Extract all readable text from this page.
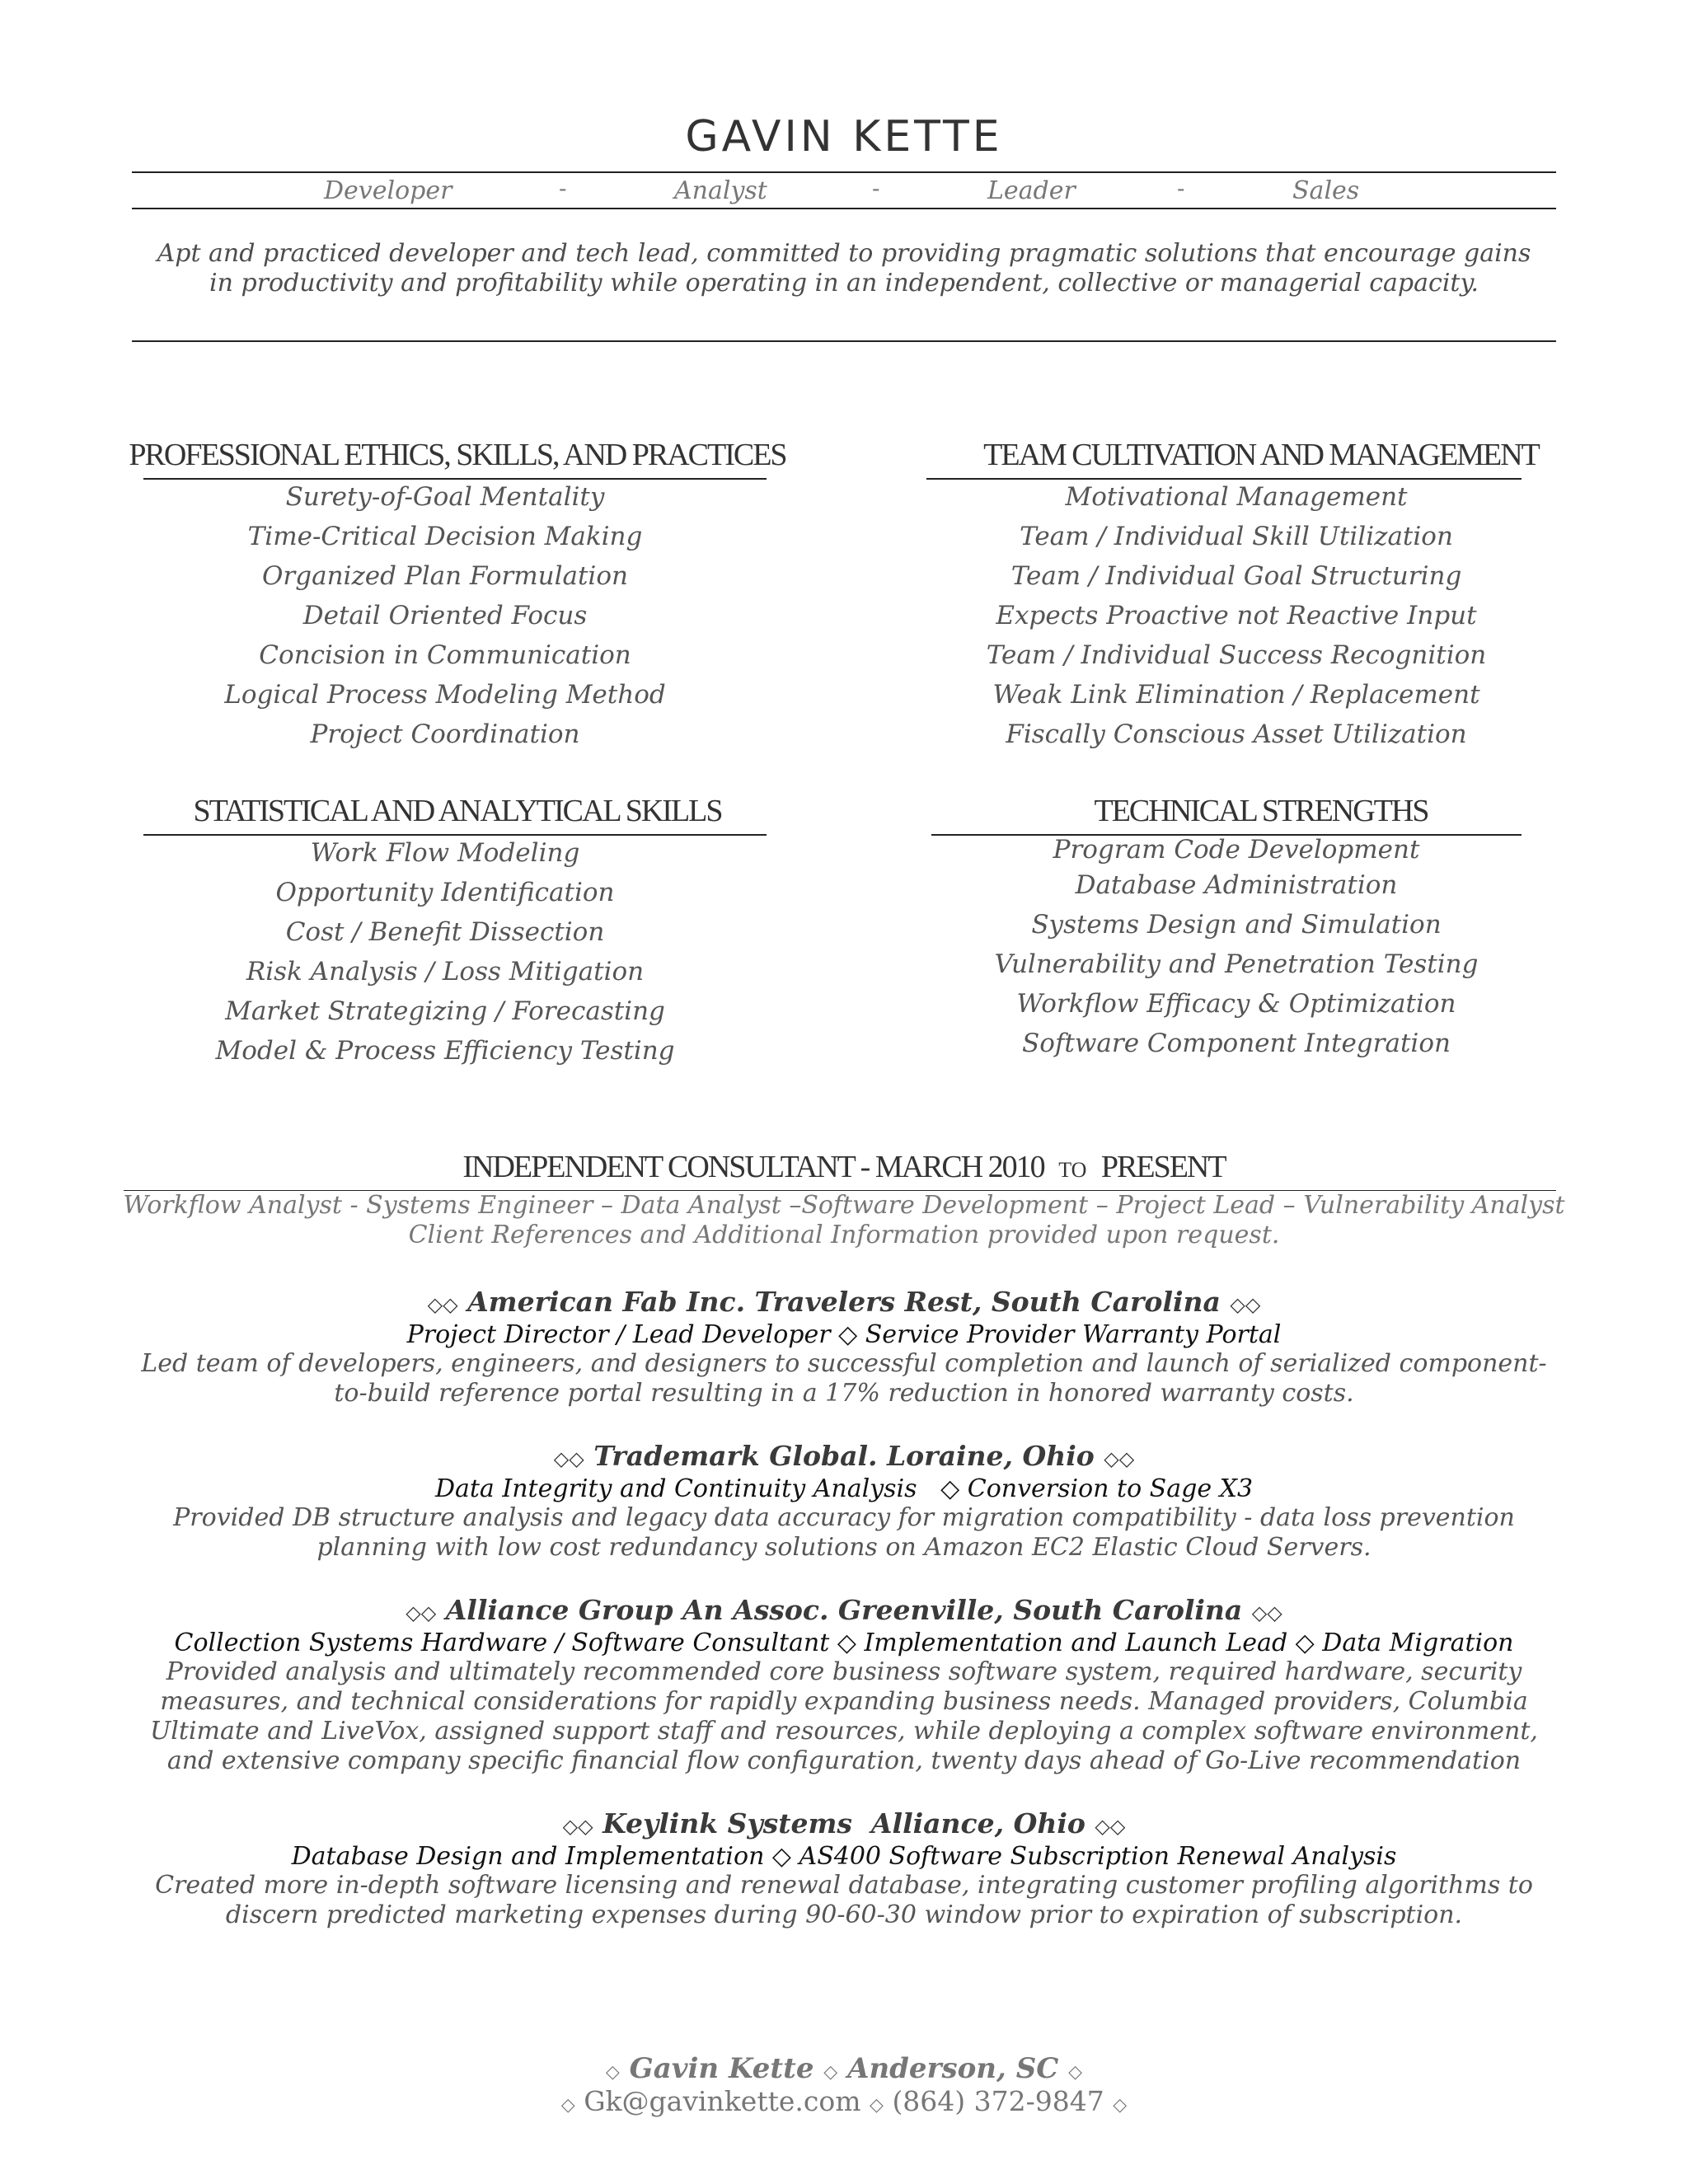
GAVIN KETTE
Developer	-	Analyst	-	Leader	-	Sales
Apt and practiced developer and tech lead, committed to providing pragmatic solutions that encourage gains
in productivity and profitability while operating in an independent, collective or managerial capacity.
PROFESSIONAL ETHICS, SKILLS, AND PRACTICES	TEAM CULTIVATION AND MANAGEMENT
Surety-of-Goal Mentality
Time-Critical Decision Making
Organized Plan Formulation
Detail Oriented Focus
Concision in Communication
Logical Process Modeling Method
Project Coordination
Motivational Management
Team / Individual Skill Utilization
Team / Individual Goal Structuring
Expects Proactive not Reactive Input
Team / Individual Success Recognition
Weak Link Elimination / Replacement
Fiscally Conscious Asset Utilization
STATISTICAL AND ANALYTICAL SKILLS	TECHNICAL STRENGTHS
Work Flow Modeling
Opportunity Identification
Cost / Benefit Dissection
Risk Analysis / Loss Mitigation
Market Strategizing / Forecasting
Model & Process Efficiency Testing
Program Code Development
Database Administration
Systems Design and Simulation
Vulnerability and Penetration Testing
Workflow Efficacy & Optimization
Software Component Integration
INDEPENDENT CONSULTANT - MARCH 2010 TO PRESENT
Workflow Analyst - Systems Engineer – Data Analyst –Software Development – Project Lead – Vulnerability Analyst
Client References and Additional Information provided upon request.
◇◇ American Fab Inc. Travelers Rest, South Carolina ◇◇
Project Director / Lead Developer ◇ Service Provider Warranty Portal
Led team of developers, engineers, and designers to successful completion and launch of serialized component-
to-build reference portal resulting in a 17% reduction in honored warranty costs.
◇◇ Trademark Global. Loraine, Ohio ◇◇
Data Integrity and Continuity Analysis   ◇ Conversion to Sage X3
Provided DB structure analysis and legacy data accuracy for migration compatibility - data loss prevention
planning with low cost redundancy solutions on Amazon EC2 Elastic Cloud Servers.
◇◇ Alliance Group An Assoc. Greenville, South Carolina ◇◇
Collection Systems Hardware / Software Consultant ◇ Implementation and Launch Lead ◇ Data Migration
Provided analysis and ultimately recommended core business software system, required hardware, security
measures, and technical considerations for rapidly expanding business needs. Managed providers, Columbia
Ultimate and LiveVox, assigned support staff and resources, while deploying a complex software environment,
and extensive company specific financial flow configuration, twenty days ahead of Go-Live recommendation
◇◇ Keylink Systems  Alliance, Ohio ◇◇
Database Design and Implementation ◇ AS400 Software Subscription Renewal Analysis
Created more in-depth software licensing and renewal database, integrating customer profiling algorithms to
discern predicted marketing expenses during 90-60-30 window prior to expiration of subscription.
◇ Gavin Kette ◇ Anderson, SC ◇
◇ Gk@gavinkette.com ◇ (864) 372-9847 ◇
